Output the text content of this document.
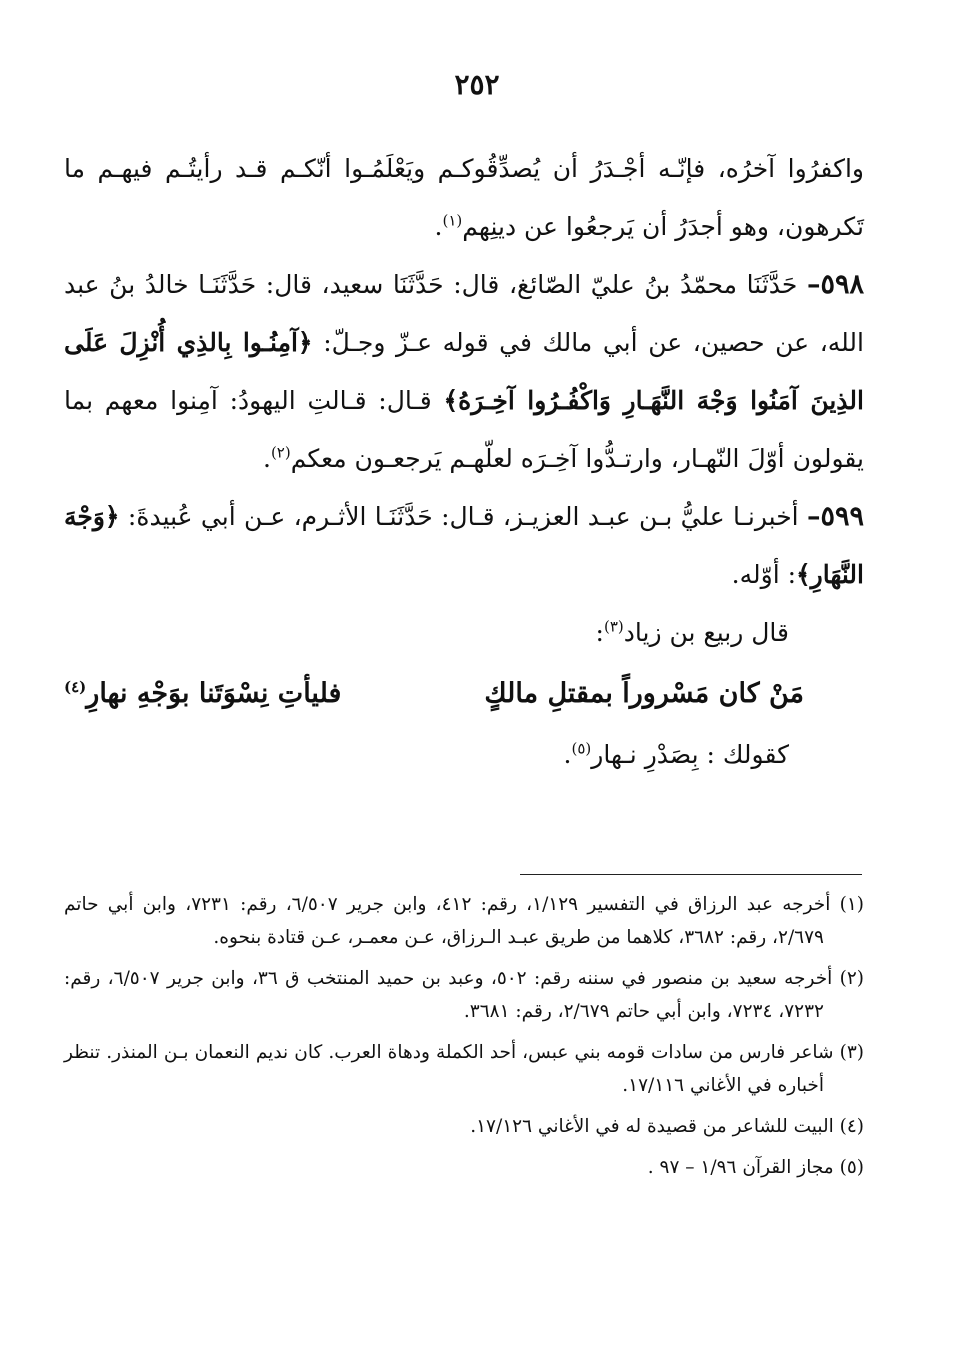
٢٥٢

واكفرُوا آخرُه، فإنّـه أجْـدَرُ أن يُصدِّقُوكـم ويَعْلَمُـوا أنّكـم قـد رأيتُـم فيهـم ما تَكرهون، وهو أجدَرُ أن يَرجعُوا عن دينِهم$^{(١)}$.

٥٩٨– حَدَّثَنَا محمّدُ بنُ عليّ الصّائغ، قال: حَدَّثَنَا سعيد، قال: حَدَّثَنَـا خالدُ بنُ عبد الله، عن حصين، عن أبي مالك في قوله عـزّ وجـلّ: ﴿آمِنُـوا بِالذِي أُنْزِلَ عَلَى الذِينَ آمَنُوا وَجْهَ النَّهَـارِ وَاكْفُـرُوا آخِـرَهُ﴾ قـال: قـالتِ اليهودُ: آمِنوا معهم بما يقولون أوّلَ النّهـار، وارتـدُّوا آخِـرَه لعلّهـم يَرجعـون معكم$^{(٢)}$.

٥٩٩– أخبرنـا عليُّ بـن عبـد العزيـز، قـال: حَدَّثَنَـا الأثـرم، عـن أبي عُبيدةَ: ﴿وَجْهَ النَّهَارِ﴾: أوّله.

قال ربيع بن زياد$^{(٣)}$:

مَنْ كان مَسْروراً بمقتلِ مالكٍ
فليأتِ نِسْوَتَنا بوَجْهِ نهارِ$^{(٤)}$

كقولك : بِصَدْرِ نـهار$^{(٥)}$.

(١) أخرجه عبد الرزاق في التفسير ١/١٢٩، رقم: ٤١٢، وابن جرير ٦/٥٠٧، رقم: ٧٢٣١، وابن أبي حاتم ٢/٦٧٩، رقم: ٣٦٨٢، كلاهما من طريق عبـد الـرزاق، عـن معمـر، عـن قتادة بنحوه.

(٢) أخرجه سعيد بن منصور في سننه رقم: ٥٠٢، وعبد بن حميد المنتخب ق ٣٦، وابن جرير ٦/٥٠٧، رقم: ٧٢٣٢، ٧٢٣٤، وابن أبي حاتم ٢/٦٧٩، رقم: ٣٦٨١.

(٣) شاعر فارس من سادات قومه بني عبس، أحد الكملة ودهاة العرب. كان نديم النعمان بـن المنذر. تنظر أخباره في الأغاني ١٧/١١٦.

(٤) البيت للشاعر من قصيدة له في الأغاني ١٧/١٢٦.

(٥) مجاز القرآن ١/٩٦ – ٩٧ .
